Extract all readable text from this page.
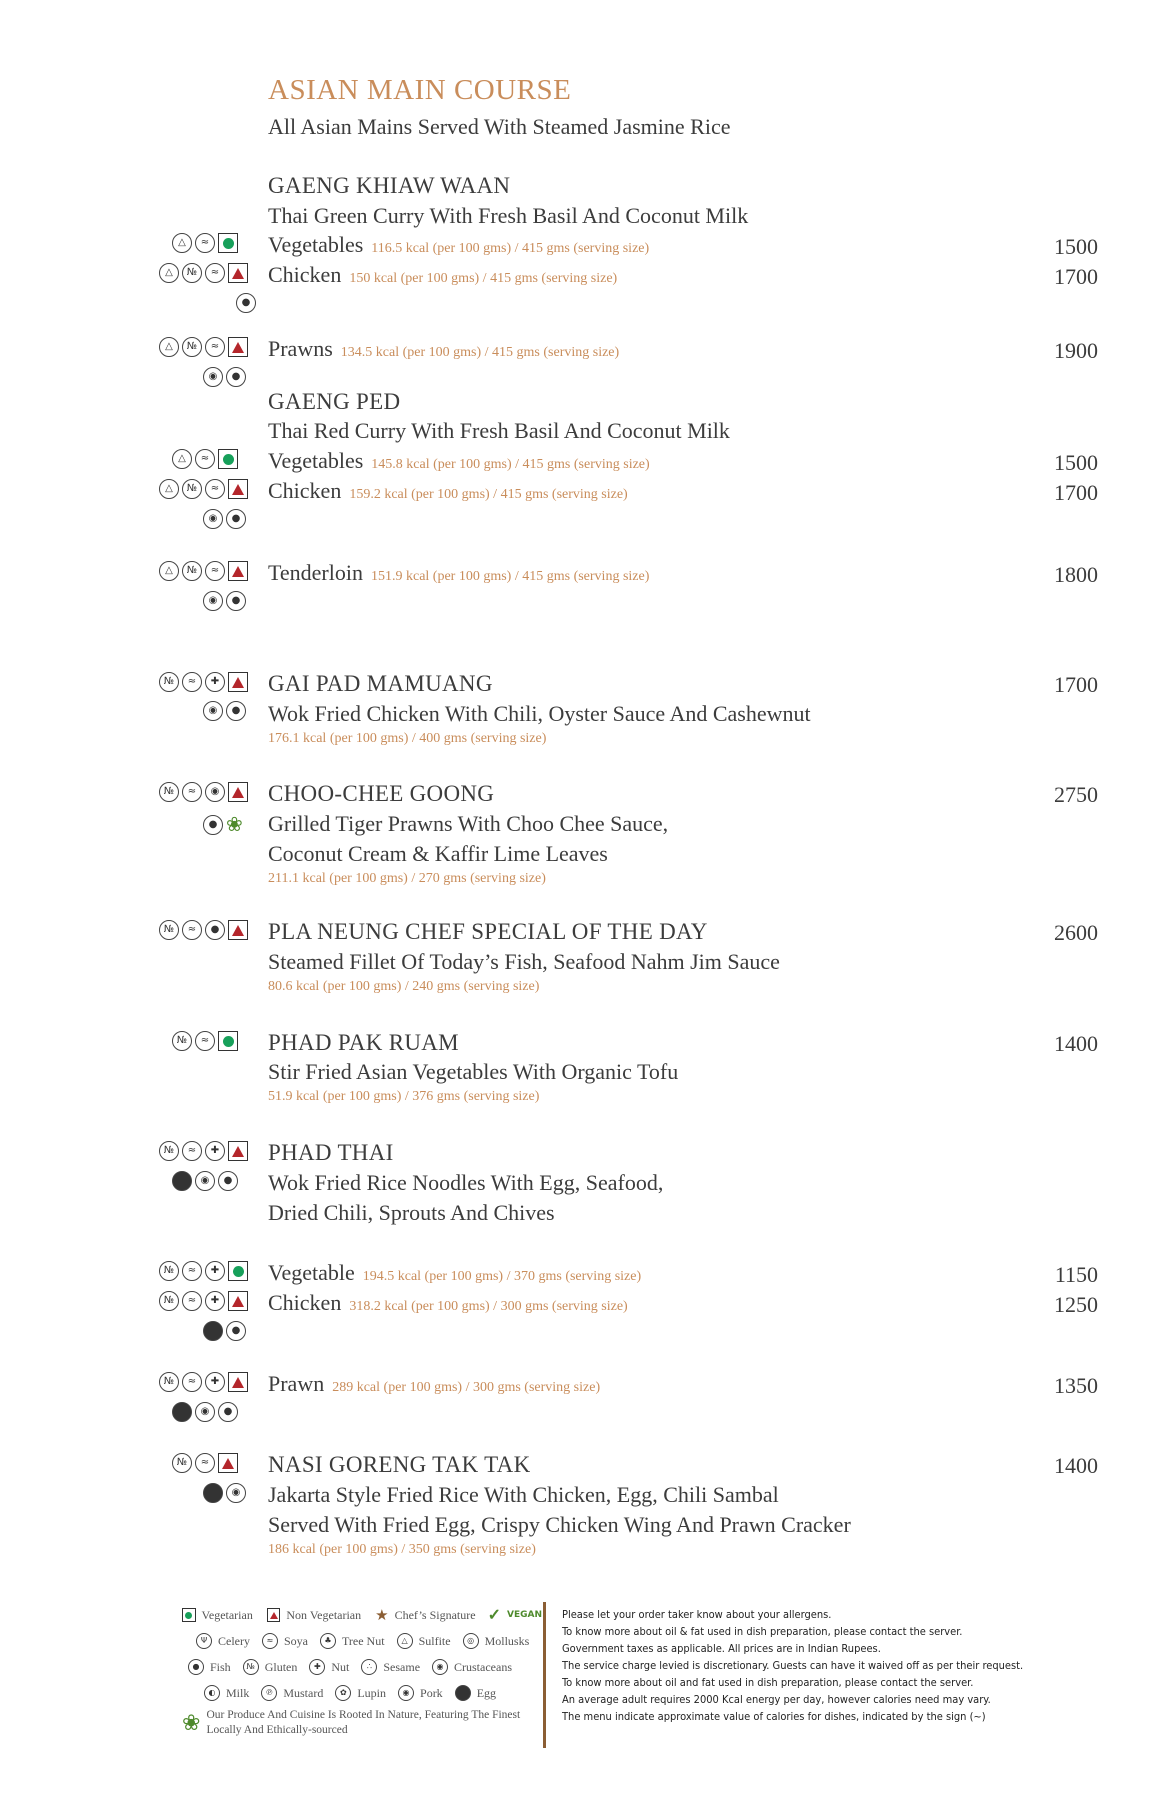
ASIAN MAIN COURSE
All Asian Mains Served With Steamed Jasmine Rice
GAENG KHIAW WAAN
Thai Green Curry With Fresh Basil And Coconut Milk
△	≈	Vegetables 116.5 kcal (per 100 gms) / 415 gms (serving size)	1500
△	№	≈ Chicken 150 kcal (per 100 gms) / 415 gms (serving size)	1700
●
△	№	≈ Prawns 134.5 kcal (per 100 gms) / 415 gms (serving size)	1900
◉	●
GAENG PED
Thai Red Curry With Fresh Basil And Coconut Milk
△	≈	Vegetables 145.8 kcal (per 100 gms) / 415 gms (serving size)	1500
△	№	≈ Chicken 159.2 kcal (per 100 gms) / 415 gms (serving size)	1700
◉	●
△	№	≈ Tenderloin 151.9 kcal (per 100 gms) / 415 gms (serving size)	1800
◉	●
№	≈	✚ GAI PAD MAMUANG	1700
◉	● Wok Fried Chicken With Chili, Oyster Sauce And Cashewnut
176.1 kcal (per 100 gms) / 400 gms (serving size)
№	≈	◉ CHOO-CHEE GOONG	2750
● ❀ Grilled Tiger Prawns With Choo Chee Sauce,
Coconut Cream & Kaffir Lime Leaves
211.1 kcal (per 100 gms) / 270 gms (serving size)
№	≈	● PLA NEUNG CHEF SPECIAL OF THE DAY	2600
Steamed Fillet Of Today’s Fish, Seafood Nahm Jim Sauce
80.6 kcal (per 100 gms) / 240 gms (serving size)
№	≈	PHAD PAK RUAM	1400
Stir Fried Asian Vegetables With Organic Tofu
51.9 kcal (per 100 gms) / 376 gms (serving size)
№	≈	✚ PHAD THAI
◉	● Wok Fried Rice Noodles With Egg, Seafood,
Dried Chili, Sprouts And Chives
№	≈	✚ Vegetable 194.5 kcal (per 100 gms) / 370 gms (serving size)	1150
№	≈	✚ Chicken 318.2 kcal (per 100 gms) / 300 gms (serving size)	1250
●
№	≈	✚ Prawn 289 kcal (per 100 gms) / 300 gms (serving size)	1350
◉	●
№	≈	NASI GORENG TAK TAK	1400
◉ Jakarta Style Fried Rice With Chicken, Egg, Chili Sambal
Served With Fried Egg, Crispy Chicken Wing And Prawn Cracker
186 kcal (per 100 gms) / 350 gms (serving size)
Vegetarian	Non Vegetarian ★ Chef’s Signature ✓ VEGAN
Ψ Celery	≈ Soya	♣ Tree Nut	△ Sulfite	◎ Mollusks
● Fish	№ Gluten	✚ Nut	∴ Sesame	◉ Crustaceans
◐ Milk	℗ Mustard	✿ Lupin	◉ Pork	Egg
❀ Our Produce And Cuisine Is Rooted In Nature, Featuring The Finest
Locally And Ethically-sourced
Please let your order taker know about your allergens.
To know more about oil & fat used in dish preparation, please contact the server.
Government taxes as applicable. All prices are in Indian Rupees.
The service charge levied is discretionary. Guests can have it waived off as per their request.
To know more about oil and fat used in dish preparation, please contact the server.
An average adult requires 2000 Kcal energy per day, however calories need may vary.
The menu indicate approximate value of calories for dishes, indicated by the sign (~)
